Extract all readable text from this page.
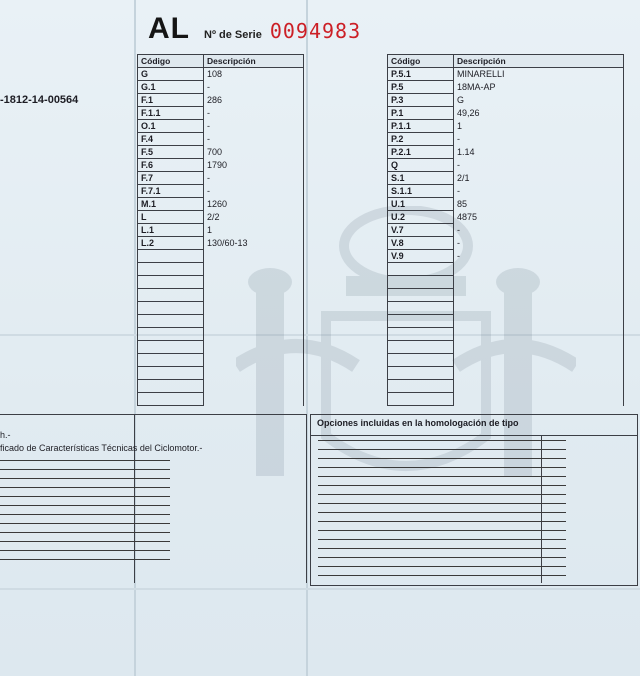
AL Nº de Serie 0094983
-1812-14-00564
Código	Descripción
G	108
G.1	-
F.1	286
F.1.1	-
O.1	-
F.4	-
F.5	700
F.6	1790
F.7	-
F.7.1	-
M.1	1260
L	2/2
L.1	1
L.2	130/60-13

Código	Descripción
P.5.1	MINARELLI
P.5	18MA-AP
P.3	G
P.1	49,26
P.1.1	1
P.2	-
P.2.1	1.14
Q	-
S.1	2/1
S.1.1	-
U.1	85
U.2	4875
V.7	-
V.8	-
V.9	-

h.-
ficado de Características Técnicas del Ciclomotor.-
Opciones incluidas en la homologación de tipo
